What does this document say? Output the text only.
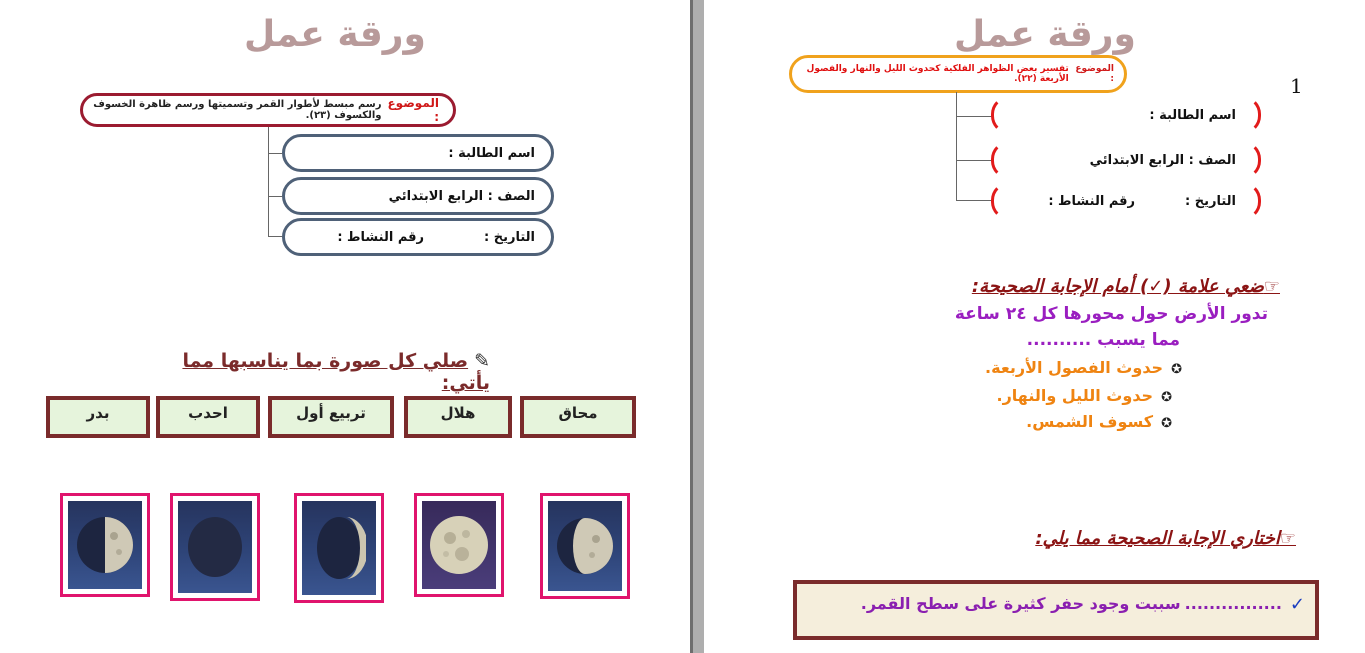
ورقة عمل
الموضوع :
رسم مبسط لأطوار القمر وتسميتها ورسم ظاهرة الخسوف والكسوف (٢٣).
اسم الطالبة :
الصف : الرابع الابتدائي
التاريخ :
رقم النشاط :
✎صلي كل صورة بما يناسبها مما يأتي:
محاق
هلال
تربيع أول
احدب
بدر
ورقة عمل
الموضوع :
تفسير بعض الظواهر الفلكية كحدوث الليل والنهار والفصول الأربعة (٢٢).	1
اسم الطالبة :
الصف : الرابع الابتدائي
التاريخ :
رقم النشاط :
☞ضعي علامة (✓) أمام الإجابة الصحيحة:
تدور الأرض حول محورها كل ٢٤ ساعة
مما يسبب ..........
✪حدوث الفصول الأربعة.
✪حدوث الليل والنهار.
✪كسوف الشمس.
☞اختاري الإجابة الصحيحة مما يلي:
✓
................
سببت وجود حفر كثيرة على سطح القمر.
